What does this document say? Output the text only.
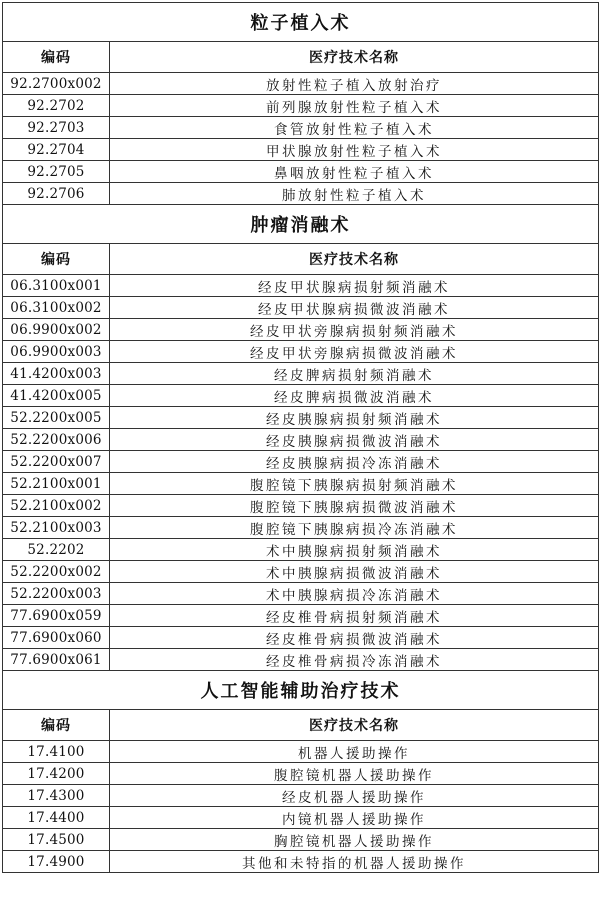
粒子植入术	
编码	医疗技术名称
92.2700x002	放射性粒子植入放射治疗
92.2702	前列腺放射性粒子植入术
92.2703	食管放射性粒子植入术
92.2704	甲状腺放射性粒子植入术
92.2705	鼻咽放射性粒子植入术
92.2706	肺放射性粒子植入术
肿瘤消融术	
编码	医疗技术名称
06.3100x001	经皮甲状腺病损射频消融术
06.3100x002	经皮甲状腺病损微波消融术
06.9900x002	经皮甲状旁腺病损射频消融术
06.9900x003	经皮甲状旁腺病损微波消融术
41.4200x003	经皮脾病损射频消融术
41.4200x005	经皮脾病损微波消融术
52.2200x005	经皮胰腺病损射频消融术
52.2200x006	经皮胰腺病损微波消融术
52.2200x007	经皮胰腺病损冷冻消融术
52.2100x001	腹腔镜下胰腺病损射频消融术
52.2100x002	腹腔镜下胰腺病损微波消融术
52.2100x003	腹腔镜下胰腺病损冷冻消融术
52.2202	术中胰腺病损射频消融术
52.2200x002	术中胰腺病损微波消融术
52.2200x003	术中胰腺病损冷冻消融术
77.6900x059	经皮椎骨病损射频消融术
77.6900x060	经皮椎骨病损微波消融术
77.6900x061	经皮椎骨病损冷冻消融术
人工智能辅助治疗技术	
编码	医疗技术名称
17.4100	机器人援助操作
17.4200	腹腔镜机器人援助操作
17.4300	经皮机器人援助操作
17.4400	内镜机器人援助操作
17.4500	胸腔镜机器人援助操作
17.4900	其他和未特指的机器人援助操作
